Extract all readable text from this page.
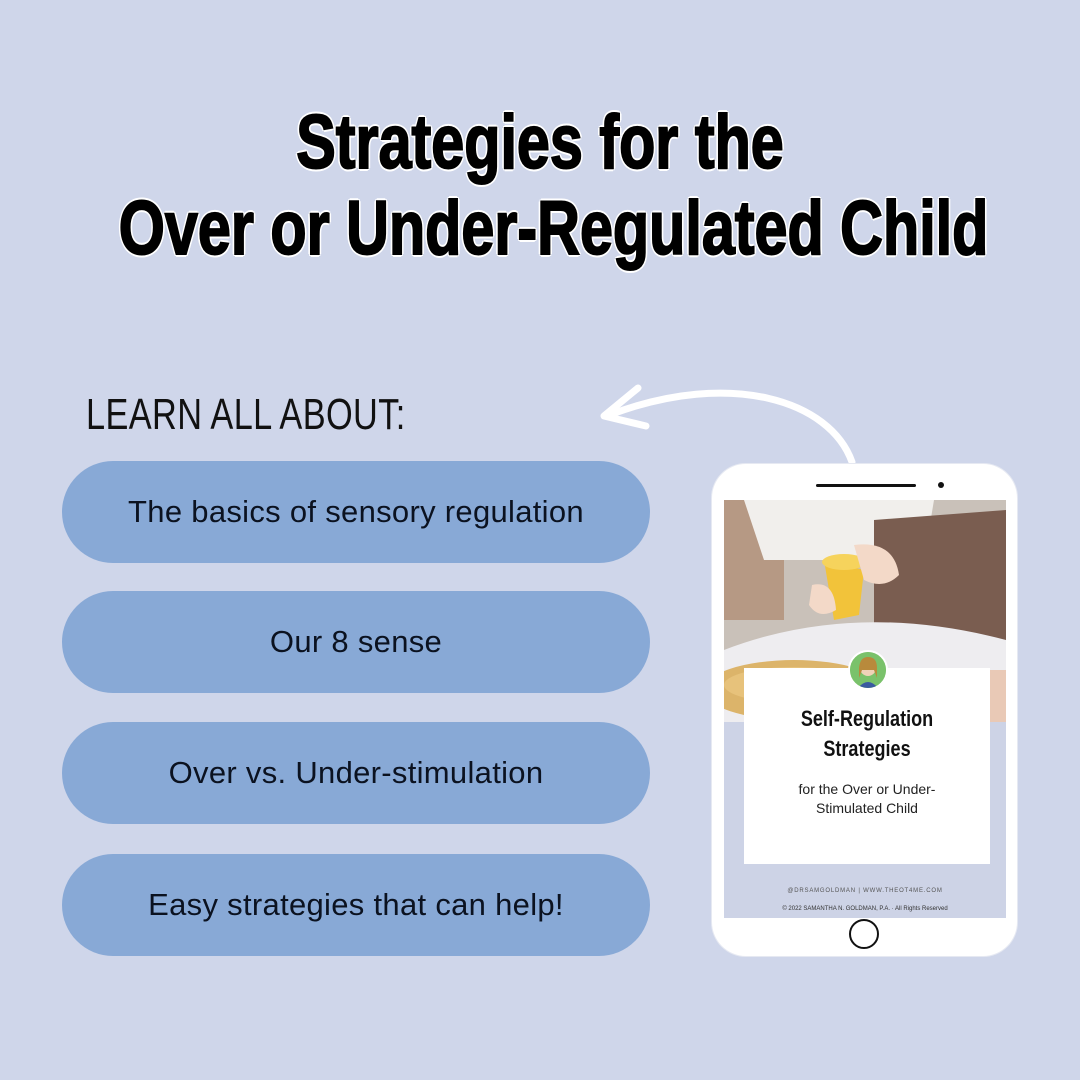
Strategies for the
Over or Under-Regulated Child
LEARN ALL ABOUT:
The basics of sensory regulation
Our 8 sense
Over vs. Under-stimulation
Easy strategies that can help!
Self-Regulation
Strategies
for the Over or Under-
Stimulated Child
@DRSAMGOLDMAN | WWW.THEOT4ME.COM
© 2022 SAMANTHA N. GOLDMAN, P.A. · All Rights Reserved
